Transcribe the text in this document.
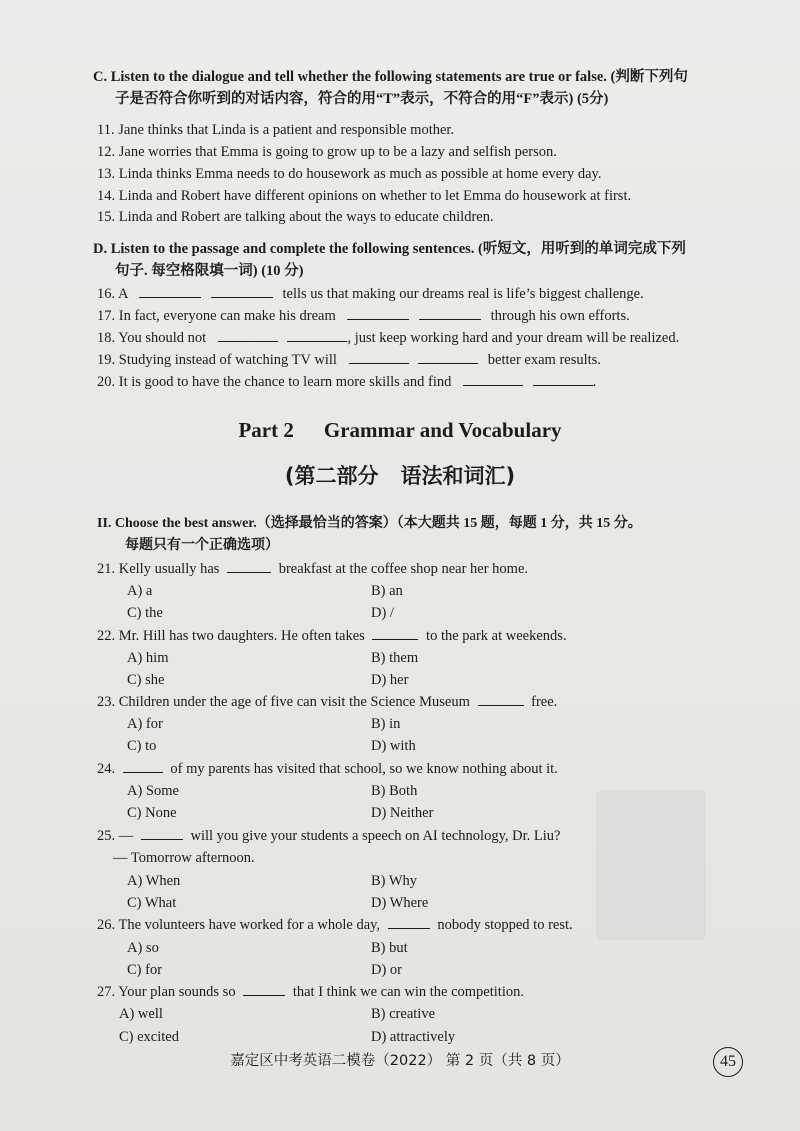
C. Listen to the dialogue and tell whether the following statements are true or false. (判断下列句
子是否符合你听到的对话内容，符合的用“T”表示，不符合的用“F”表示) (5分)
11. Jane thinks that Linda is a patient and responsible mother.
12. Jane worries that Emma is going to grow up to be a lazy and selfish person.
13. Linda thinks Emma needs to do housework as much as possible at home every day.
14. Linda and Robert have different opinions on whether to let Emma do housework at first.
15. Linda and Robert are talking about the ways to educate children.
D. Listen to the passage and complete the following sentences. (听短文，用听到的单词完成下列
句子. 每空格限填一词) (10 分)
16. A	tells us that making our dreams real is life’s biggest challenge.
17. In fact, everyone can make his dream	through his own efforts.
18. You should not	, just keep working hard and your dream will be realized.
19. Studying instead of watching TV will	better exam results.
20. It is good to have the chance to learn more skills and find	.
Part 2 Grammar and Vocabulary
(第二部分 语法和词汇)
II. Choose the best answer.（选择最恰当的答案）（本大题共 15 题，每题 1 分，共 15 分。
每题只有一个正确选项）
21. Kelly usually has	breakfast at the coffee shop near her home.
A) a	B) an
C) the	D) /
22. Mr. Hill has two daughters. He often takes	to the park at weekends.
A) him	B) them
C) she	D) her
23. Children under the age of five can visit the Science Museum	free.
A) for	B) in
C) to	D) with
24.	of my parents has visited that school, so we know nothing about it.
A) Some	B) Both
C) None	D) Neither
25. —	will you give your students a speech on AI technology, Dr. Liu?
— Tomorrow afternoon.
A) When	B) Why
C) What	D) Where
26. The volunteers have worked for a whole day,	nobody stopped to rest.
A) so	B) but
C) for	D) or
27. Your plan sounds so	that I think we can win the competition.
A) well	B) creative
C) excited	D) attractively
嘉定区中考英语二模卷（2022） 第 2 页（共 8 页）	45
